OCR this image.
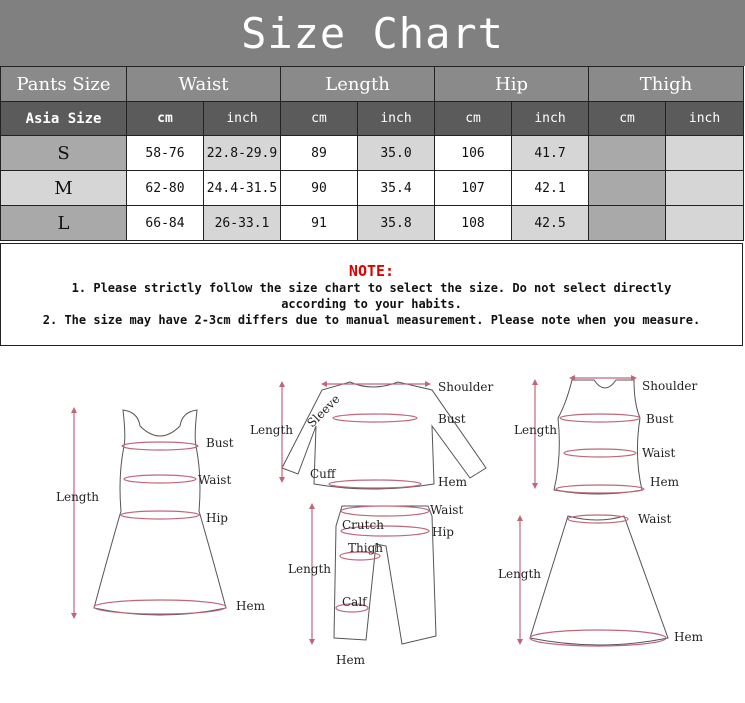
Size Chart
Pants Size	Waist		Length		Hip		Thigh	
Asia Size	cm	inch	cm	inch	cm	inch	cm	inch
S	58-76	22.8-29.9	89	35.0	106	41.7		
M	62-80	24.4-31.5	90	35.4	107	42.1		
L	66-84	26-33.1	91	35.8	108	42.5		
NOTE:
1. Please strictly follow the size chart to select the size. Do not select directly
according to your habits.
2. The size may have 2-3cm differs due to manual measurement. Please note when you measure.
Length
Bust
Waist
Hip
Hem
Shoulder
Sleeve
Length
Bust
Cuff
Hem
Shoulder
Length
Bust
Waist
Hem
Waist
Crutch	Hip
Thigh
Length
Calf
Hem
Waist
Length
Hem
